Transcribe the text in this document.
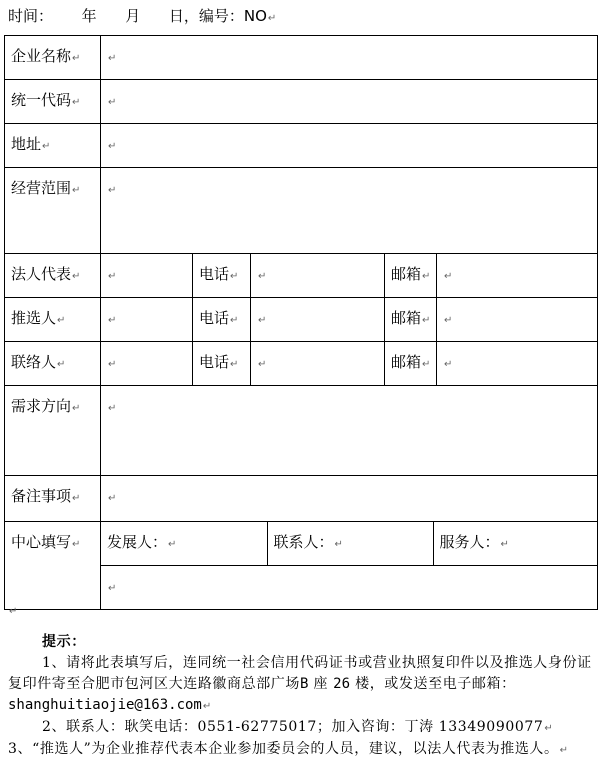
时间： 年 月 日，编号：NO↵
企业名称↵	↵
统一代码↵	↵
地址↵	↵
经营范围↵	↵
法人代表↵	↵	电话↵	↵	邮箱↵	↵
推选人↵	↵	电话↵	↵	邮箱↵	↵
联络人↵	↵	电话↵	↵	邮箱↵	↵
需求方向↵	↵
备注事项↵	↵
中心填写↵	发展人：↵	联系人：↵	服务人：↵

↵

↵

提示：

1、请将此表填写后，连同统一社会信用代码证书或营业执照复印件以及推选人身份证复印件寄至合肥市包河区大连路徽商总部广场B 座 26 楼，或发送至电子邮箱：shanghuitiaojie@163.com↵

2、联系人：耿笑电话：0551-62775017；加入咨询：丁涛 13349090077↵

3、“推选人”为企业推荐代表本企业参加委员会的人员，建议，以法人代表为推选人。↵
